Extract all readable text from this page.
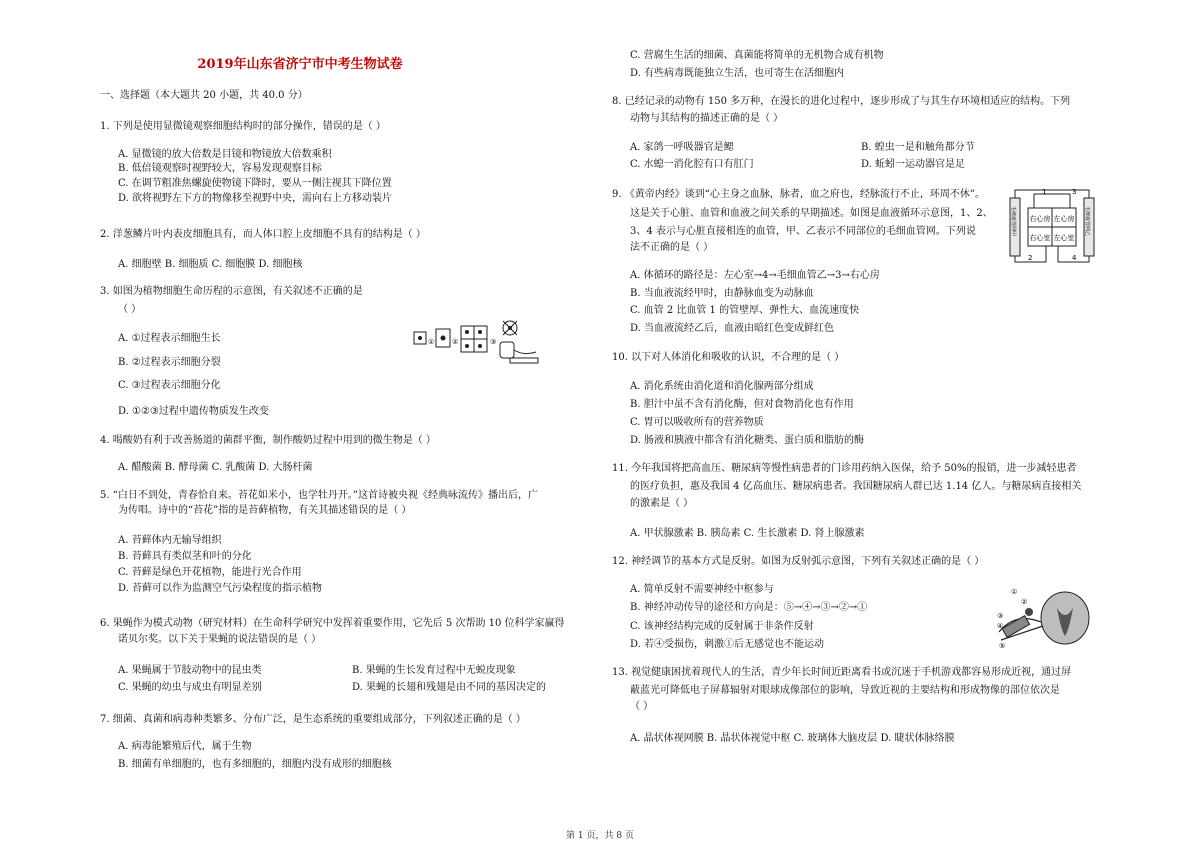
2019年山东省济宁市中考生物试卷
一、选择题（本大题共 20 小题，共 40.0 分）
1. 下列是使用显微镜观察细胞结构时的部分操作，错误的是（ ）
A. 显微镜的放大倍数是目镜和物镜放大倍数乘积
B. 低倍镜观察时视野较大，容易发现观察目标
C. 在调节粗准焦螺旋使物镜下降时，要从一侧注视其下降位置
D. 欲将视野左下方的物像移至视野中央，需向右上方移动装片
2. 洋葱鳞片叶内表皮细胞具有，而人体口腔上皮细胞不具有的结构是（ ）
A. 细胞壁 B. 细胞质 C. 细胞膜 D. 细胞核
3. 如图为植物细胞生命历程的示意图，有关叙述不正确的是
（ ）
A. ①过程表示细胞生长
B. ②过程表示细胞分裂
C. ③过程表示细胞分化
D. ①②③过程中遗传物质发生改变
4. 喝酸奶有利于改善肠道的菌群平衡，制作酸奶过程中用到的微生物是（ ）
A. 醋酸菌 B. 酵母菌 C. 乳酸菌 D. 大肠杆菌
5. “白日不到处，青春恰自来。苔花如米小，也学牡丹开。”这首诗被央视《经典咏流传》播出后，广
为传唱。诗中的“苔花”指的是苔藓植物，有关其描述错误的是（ ）
A. 苔藓体内无输导组织
B. 苔藓具有类似茎和叶的分化
C. 苔藓是绿色开花植物，能进行光合作用
D. 苔藓可以作为监测空气污染程度的指示植物
6. 果蝇作为模式动物（研究材料）在生命科学研究中发挥着重要作用，它先后 5 次帮助 10 位科学家赢得
诺贝尔奖。以下关于果蝇的说法错误的是（ ）
A. 果蝇属于节肢动物中的昆虫类	B. 果蝇的生长发育过程中无蜕皮现象
C. 果蝇的幼虫与成虫有明显差别	D. 果蝇的长翅和残翅是由不同的基因决定的
7. 细菌、真菌和病毒种类繁多、分布广泛，是生态系统的重要组成部分，下列叙述正确的是（ ）
A. 病毒能繁殖后代，属于生物
B. 细菌有单细胞的，也有多细胞的，细胞内没有成形的细胞核
C. 营腐生生活的细菌、真菌能将简单的无机物合成有机物
D. 有些病毒既能独立生活，也可寄生在活细胞内
8. 已经记录的动物有 150 多万种，在漫长的进化过程中，逐步形成了与其生存环境相适应的结构。下列
动物与其结构的描述正确的是（ ）
A. 家鸽一呼吸器官是鳃	B. 蝗虫一是和触角都分节
C. 水螅一消化腔有口有肛门	D. 蚯蚓一运动器官是足
9. 《黄帝内经》谈到“心主身之血脉，脉者，血之府也，经脉流行不止，环周不休”。
这是关于心脏、血管和血液之间关系的早期描述。如图是血液循环示意图，1、2、
3、4 表示与心脏直接相连的血管，甲、乙表示不同部位的毛细血管网。下列说
法不正确的是（ ）
A. 体循环的路径是：左心室→4→毛细血管乙→3→右心房
B. 当血液流经甲时，由静脉血变为动脉血
C. 血管 2 比血管 1 的管壁厚、弹性大、血流速度快
D. 当血液流经乙后，血液由暗红色变成鲜红色
10. 以下对人体消化和吸收的认识，不合理的是（ ）
A. 消化系统由消化道和消化腺两部分组成
B. 胆汁中虽不含有消化酶，但对食物消化也有作用
C. 胃可以吸收所有的营养物质
D. 肠液和胰液中都含有消化糖类、蛋白质和脂肪的酶
11. 今年我国将把高血压、糖尿病等慢性病患者的门诊用药纳入医保，给予 50%的报销，进一步减轻患者
的医疗负担，惠及我国 4 亿高血压、糖尿病患者。我国糖尿病人群已达 1.14 亿人。与糖尿病直接相关
的激素是（ ）
A. 甲状腺激素 B. 胰岛素 C. 生长激素 D. 肾上腺激素
12. 神经调节的基本方式是反射。如图为反射弧示意图，下列有关叙述正确的是（ ）
A. 简单反射不需要神经中枢参与
B. 神经冲动传导的途径和方向是：⑤→④→③→②→①
C. 该神经结构完成的反射属于非条件反射
D. 若④受损伤，刺激①后无感觉也不能运动
13. 视觉健康困扰着现代人的生活，青少年长时间近距离看书或沉迷于手机游戏都容易形成近视，通过屏
蔽蓝光可降低电子屏幕辐射对眼球成像部位的影响，导致近视的主要结构和形成物像的部位依次是
（ ）
A. 晶状体视网膜 B. 晶状体视觉中枢 C. 玻璃体大脑皮层 D. 睫状体脉络膜
①	②	③
右心房 左心房
右心室 左心室
1
2
3
4
毛细血管网甲	毛细血管网乙
①
②
③
④
⑤
第 1 页，共 8 页
